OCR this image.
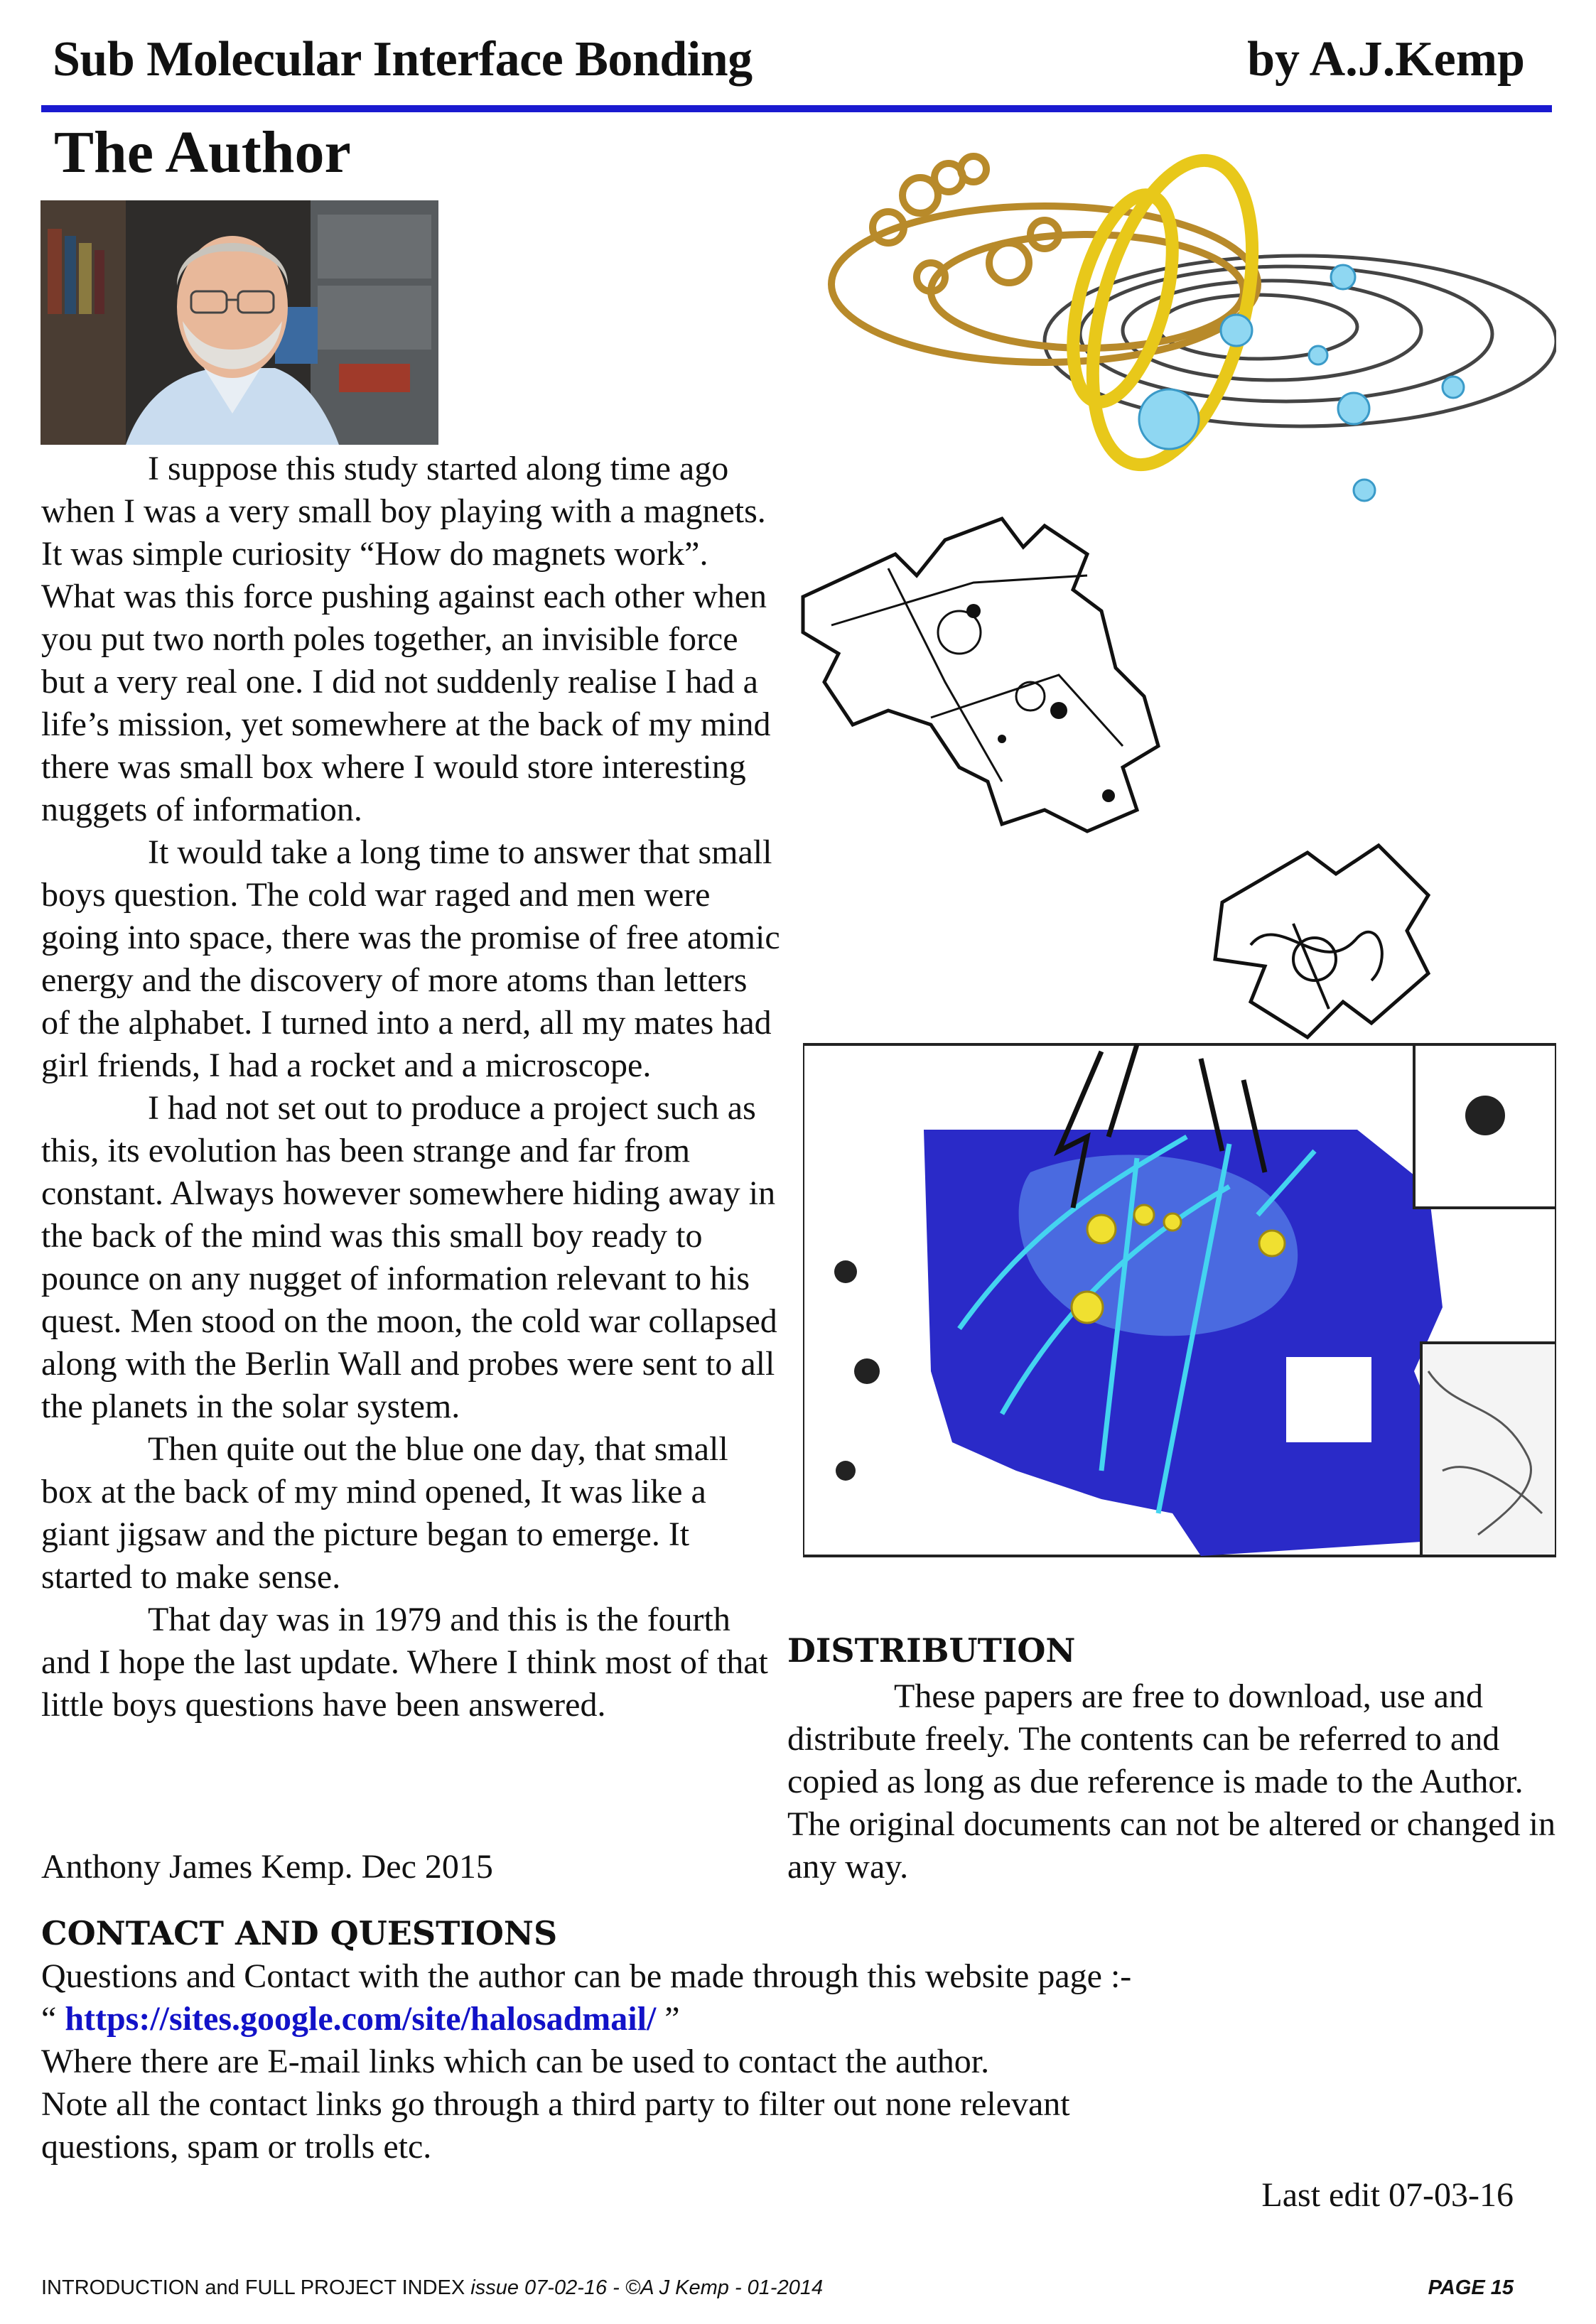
Sub Molecular Interface Bonding	by A.J.Kemp
The Author

I suppose this study started along time ago when I was a very small boy playing with a magnets. It was simple curiosity “How do magnets work”. What was this force pushing against each other when you put two north poles together, an invisible force but a very real one. I did not suddenly realise I had a life’s mission, yet somewhere at the back of my mind there was small box where I would store interesting nuggets of information.

It would take a long time to answer that small boys question. The cold war raged and men were going into space, there was the promise of free atomic energy and the discovery of more atoms than letters of the alphabet. I turned into a nerd, all my mates had girl friends, I had a rocket and a microscope.

I had not set out to produce a project such as this, its evolution has been strange and far from constant. Always however somewhere hiding away in the back of the mind was this small boy ready to pounce on any nugget of information relevant to his quest. Men stood on the moon, the cold war collapsed along with the Berlin Wall and probes were sent to all the planets in the solar system.

Then quite out the blue one day, that small box at the back of my mind opened, It was like a giant jigsaw and the picture began to emerge. It started to make sense.

That day was in 1979 and this is the fourth and I hope the last update. Where I think most of that little boys questions have been answered.

Anthony James Kemp. Dec 2015
DISTRIBUTION

These papers are free to download, use and distribute freely. The contents can be referred to and copied as long as due reference is made to the Author. The original documents can not be altered or changed in any way.

CONTACT AND QUESTIONS
Questions and Contact with the author can be made through this website page :-
“ https://sites.google.com/site/halosadmail/ ”
Where there are E-mail links which can be used to contact the author.
Note all the contact links go through a third party to filter out none relevant
questions, spam or trolls etc.
Last edit 07-03-16
INTRODUCTION and FULL PROJECT INDEX issue 07-02-16 - ©A J Kemp - 01-2014	PAGE 15
